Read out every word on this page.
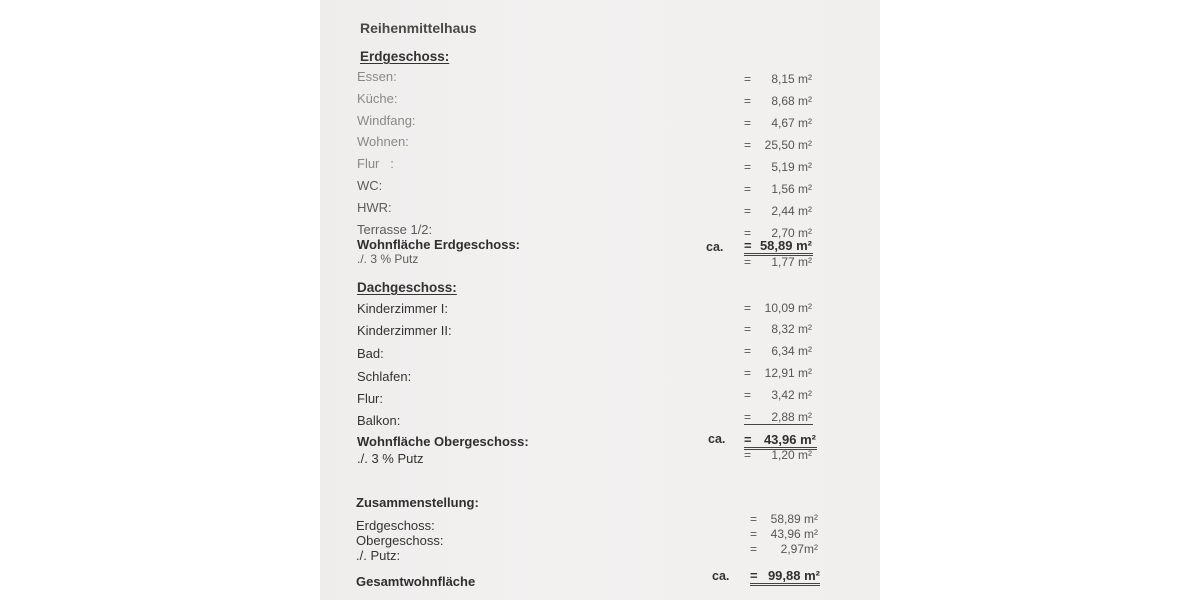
Reihenmittelhaus
Erdgeschoss:
Essen:	= 8,15 m²
Küche:	= 8,68 m²
Windfang:	= 4,67 m²
Wohnen:	= 25,50 m²
Flur   :	= 5,19 m²
WC:	= 1,56 m²
HWR:	= 2,44 m²
Terrasse 1/2:	= 2,70 m²
Wohnfläche Erdgeschoss:	ca. = 58,89 m²
./. 3 % Putz	= 1,77 m²
Dachgeschoss:
Kinderzimmer I:	= 10,09 m²
Kinderzimmer II:	= 8,32 m²
Bad:	= 6,34 m²
Schlafen:	= 12,91 m²
Flur:	= 3,42 m²
Balkon:	= 2,88 m²
Wohnfläche Obergeschoss:	ca. = 43,96 m²
./. 3 % Putz	= 1,20 m²
Zusammenstellung:
Erdgeschoss:	= 58,89 m²
Obergeschoss:	= 43,96 m²
./. Putz:	= 2,97m²
Gesamtwohnfläche	ca. = 99,88 m²
